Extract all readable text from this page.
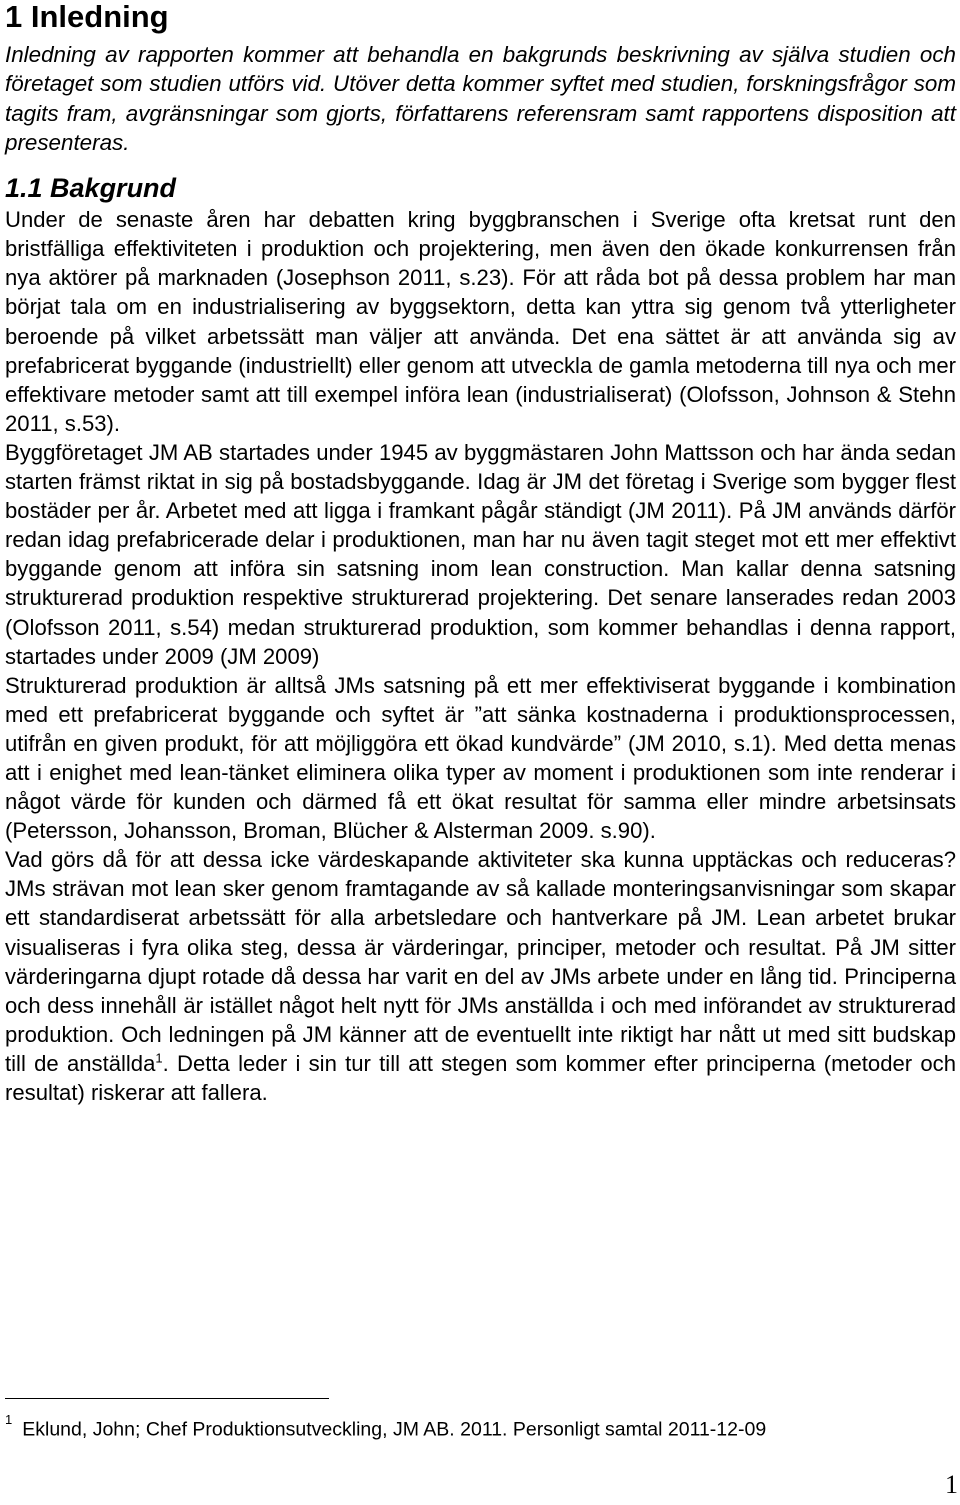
1 Inledning

Inledning av rapporten kommer att behandla en bakgrunds beskrivning av själva studien och företaget som studien utförs vid. Utöver detta kommer syftet med studien, forskningsfrågor som tagits fram, avgränsningar som gjorts, författarens referensram samt rapportens disposition att presenteras.

1.1 Bakgrund

Under de senaste åren har debatten kring byggbranschen i Sverige ofta kretsat runt den bristfälliga effektiviteten i produktion och projektering, men även den ökade konkurrensen från nya aktörer på marknaden (Josephson 2011, s.23). För att råda bot på dessa problem har man börjat tala om en industrialisering av byggsektorn, detta kan yttra sig genom två ytterligheter beroende på vilket arbetssätt man väljer att använda. Det ena sättet är att använda sig av prefabricerat byggande (industriellt) eller genom att utveckla de gamla metoderna till nya och mer effektivare metoder samt att till exempel införa lean (industrialiserat) (Olofsson, Johnson & Stehn 2011, s.53).

Byggföretaget JM AB startades under 1945 av byggmästaren John Mattsson och har ända sedan starten främst riktat in sig på bostadsbyggande. Idag är JM det företag i Sverige som bygger flest bostäder per år. Arbetet med att ligga i framkant pågår ständigt (JM 2011). På JM används därför redan idag prefabricerade delar i produktionen, man har nu även tagit steget mot ett mer effektivt byggande genom att införa sin satsning inom lean construction. Man kallar denna satsning strukturerad produktion respektive strukturerad projektering. Det senare lanserades redan 2003 (Olofsson 2011, s.54) medan strukturerad produktion, som kommer behandlas i denna rapport, startades under 2009 (JM 2009)

Strukturerad produktion är alltså JMs satsning på ett mer effektiviserat byggande i kombination med ett prefabricerat byggande och syftet är ”att sänka kostnaderna i produktionsprocessen, utifrån en given produkt, för att möjliggöra ett ökad kundvärde” (JM 2010, s.1). Med detta menas att i enighet med lean-tänket eliminera olika typer av moment i produktionen som inte renderar i något värde för kunden och därmed få ett ökat resultat för samma eller mindre arbetsinsats (Petersson, Johansson, Broman, Blücher & Alsterman 2009. s.90).

Vad görs då för att dessa icke värdeskapande aktiviteter ska kunna upptäckas och reduceras? JMs strävan mot lean sker genom framtagande av så kallade monteringsanvisningar som skapar ett standardiserat arbetssätt för alla arbetsledare och hantverkare på JM. Lean arbetet brukar visualiseras i fyra olika steg, dessa är värderingar, principer, metoder och resultat. På JM sitter värderingarna djupt rotade då dessa har varit en del av JMs arbete under en lång tid. Principerna och dess innehåll är istället något helt nytt för JMs anställda i och med införandet av strukturerad produktion. Och ledningen på JM känner att de eventuellt inte riktigt har nått ut med sitt budskap till de anställda$^1$. Detta leder i sin tur till att stegen som kommer efter principerna (metoder och resultat) riskerar att fallera.

$^1$ Eklund, John; Chef Produktionsutveckling, JM AB. 2011. Personligt samtal 2011-12-09
1
